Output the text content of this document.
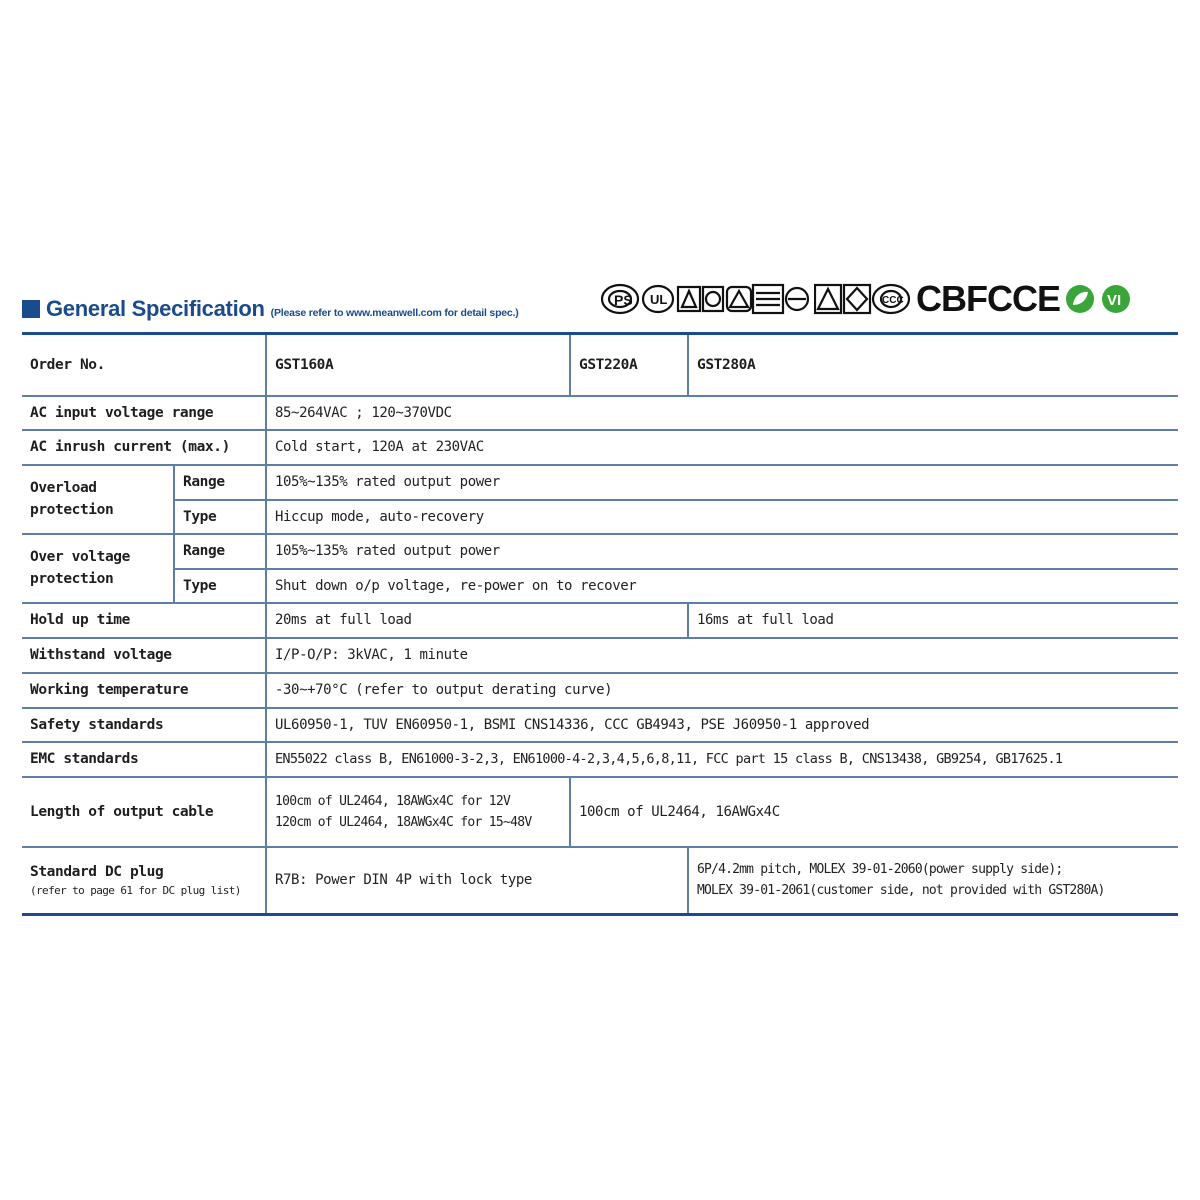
General Specification (Please refer to www.meanwell.com for detail spec.)
PS UL	CCC CBFCCE	VI
Order No.		GST160A	GST220A	GST280A
AC input voltage range		85~264VAC ; 120~370VDC		
AC inrush current (max.)		Cold start, 120A at 230VAC		
Overload
protection	Range	105%~135% rated output power		
	Type	Hiccup mode, auto-recovery		
Over voltage
protection	Range	105%~135% rated output power		
	Type	Shut down o/p voltage, re-power on to recover		
Hold up time		20ms at full load		16ms at full load
Withstand voltage		I/P-O/P: 3kVAC, 1 minute		
Working temperature		-30~+70°C (refer to output derating curve)		
Safety standards		UL60950-1, TUV EN60950-1, BSMI CNS14336, CCC GB4943, PSE J60950-1 approved		
EMC standards		EN55022 class B, EN61000-3-2,3, EN61000-4-2,3,4,5,6,8,11, FCC part 15 class B, CNS13438, GB9254, GB17625.1		
Length of output cable		100cm of UL2464, 18AWGx4C for 12V
120cm of UL2464, 18AWGx4C for 15~48V	100cm of UL2464, 16AWGx4C	
Standard DC plug
(refer to page 61 for DC plug list)		R7B: Power DIN 4P with lock type		6P/4.2mm pitch, MOLEX 39-01-2060(power supply side);
MOLEX 39-01-2061(customer side, not provided with GST280A)
